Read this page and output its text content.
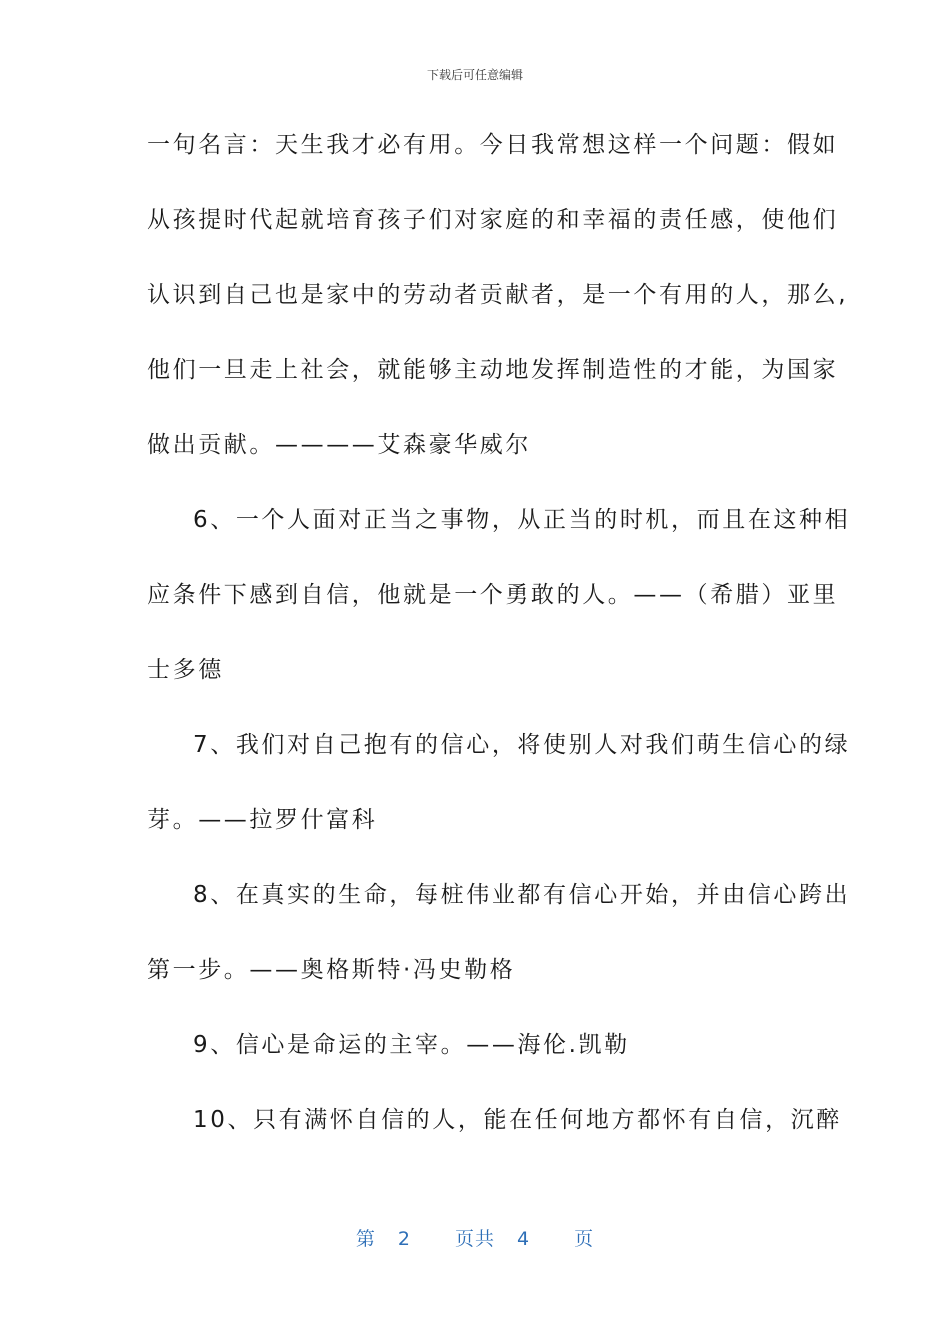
下载后可任意编辑
一句名言：天生我才必有用。今日我常想这样一个问题：假如
从孩提时代起就培育孩子们对家庭的和幸福的责任感，使他们
认识到自己也是家中的劳动者贡献者，是一个有用的人，那么,
他们一旦走上社会，就能够主动地发挥制造性的才能，为国家
做出贡献。————艾森豪华威尔
6、一个人面对正当之事物，从正当的时机，而且在这种相
应条件下感到自信，他就是一个勇敢的人。——（希腊）亚里
士多德
7、我们对自己抱有的信心，将使别人对我们萌生信心的绿
芽。——拉罗什富科
8、在真实的生命，每桩伟业都有信心开始，并由信心跨出
第一步。——奥格斯特·冯史勒格
9、信心是命运的主宰。——海伦.凯勒
10、只有满怀自信的人，能在任何地方都怀有自信，沉醉
第 2 页共 4 页
